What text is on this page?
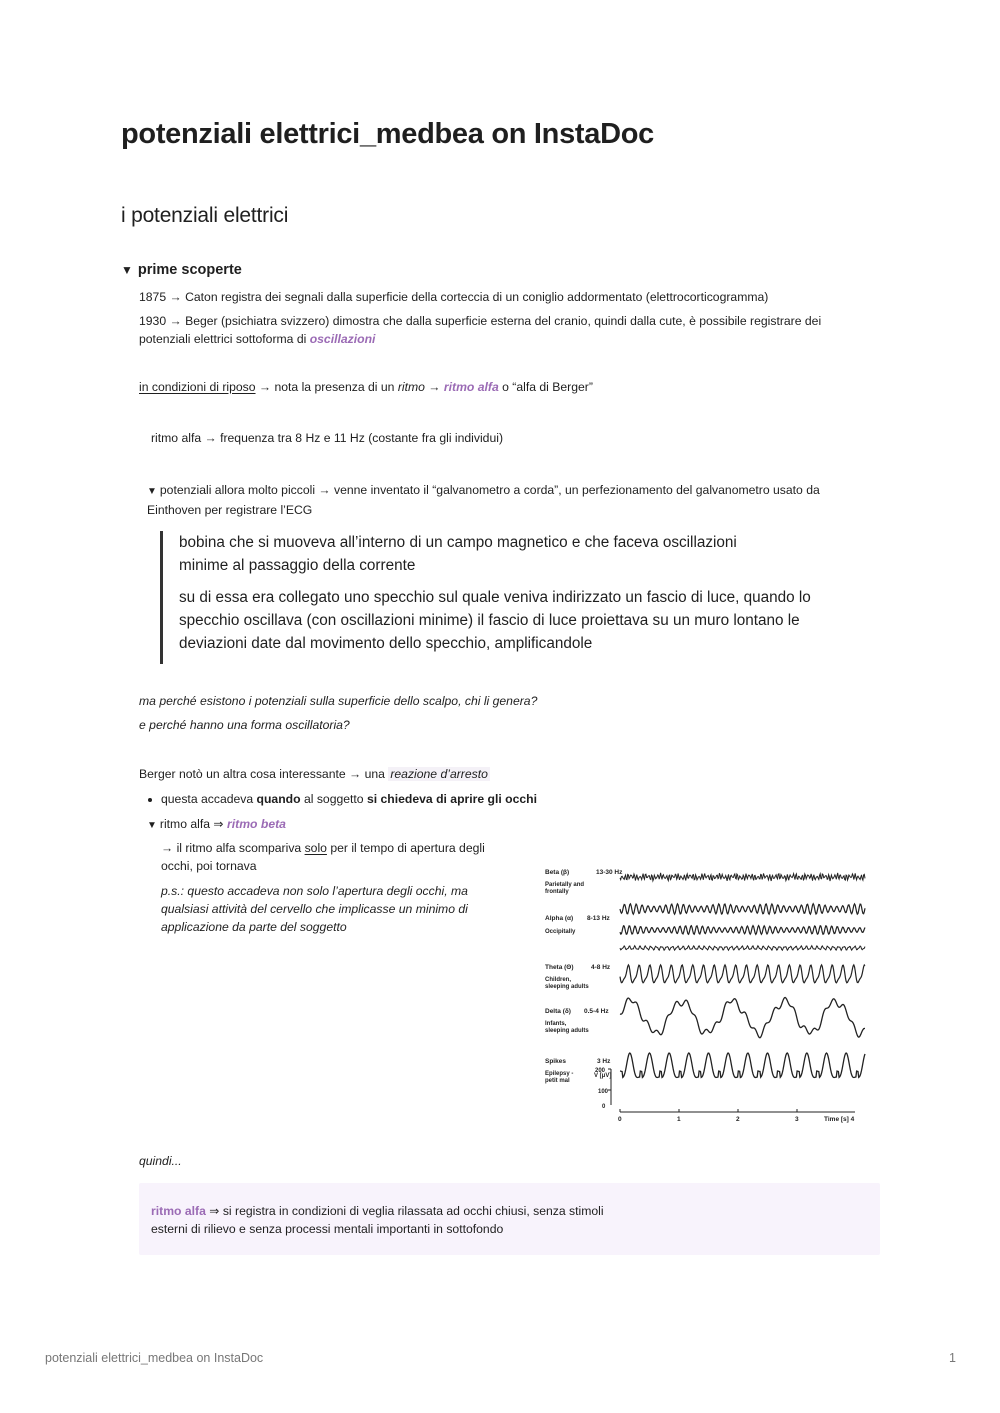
potenziali elettrici_medbea on InstaDoc
i potenziali elettrici
▼ prime scoperte
1875 → Caton registra dei segnali dalla superficie della corteccia di un coniglio addormentato (elettrocorticogramma)
1930 → Beger (psichiatra svizzero) dimostra che dalla superficie esterna del cranio, quindi dalla cute, è possibile registrare dei
potenziali elettrici sottoforma di oscillazioni
in condizioni di riposo → nota la presenza di un ritmo → ritmo alfa o “alfa di Berger”
ritmo alfa → frequenza tra 8 Hz e 11 Hz (costante fra gli individui)
▼ potenziali allora molto piccoli → venne inventato il “galvanometro a corda”, un perfezionamento del galvanometro usato da
Einthoven per registrare l’ECG

bobina che si muoveva all’interno di un campo magnetico e che faceva oscillazioni
minime al passaggio della corrente

su di essa era collegato uno specchio sul quale veniva indirizzato un fascio di luce, quando lo
specchio oscillava (con oscillazioni minime) il fascio di luce proiettava su un muro lontano le
deviazioni date dal movimento dello specchio, amplificandole

ma perché esistono i potenziali sulla superficie dello scalpo, chi li genera?
e perché hanno una forma oscillatoria?
Berger notò un altra cosa interessante → una reazione d’arresto
questa accadeva quando al soggetto si chiedeva di aprire gli occhi
▼ ritmo alfa ⇒ ritmo beta
→ il ritmo alfa scompariva solo per il tempo di apertura degli
occhi, poi tornava
p.s.: questo accadeva non solo l’apertura degli occhi, ma
qualsiasi attività del cervello che implicasse un minimo di
applicazione da parte del soggetto
Beta (β)	13-30 Hz
Parietally and
frontally
Alpha (α) 8-13 Hz
Occipitally
Theta (Θ)	4-8 Hz
Children,
sleeping adults
Delta (δ) 0.5-4 Hz
Infants,
sleeping adults
Spikes	3 Hz
Epilepsy -
petit mal
V [μV]
200
100
0
0	1	2	3	Time [s] 4
quindi...
ritmo alfa ⇒ si registra in condizioni di veglia rilassata ad occhi chiusi, senza stimoli
esterni di rilievo e senza processi mentali importanti in sottofondo
potenziali elettrici_medbea on InstaDoc	1
